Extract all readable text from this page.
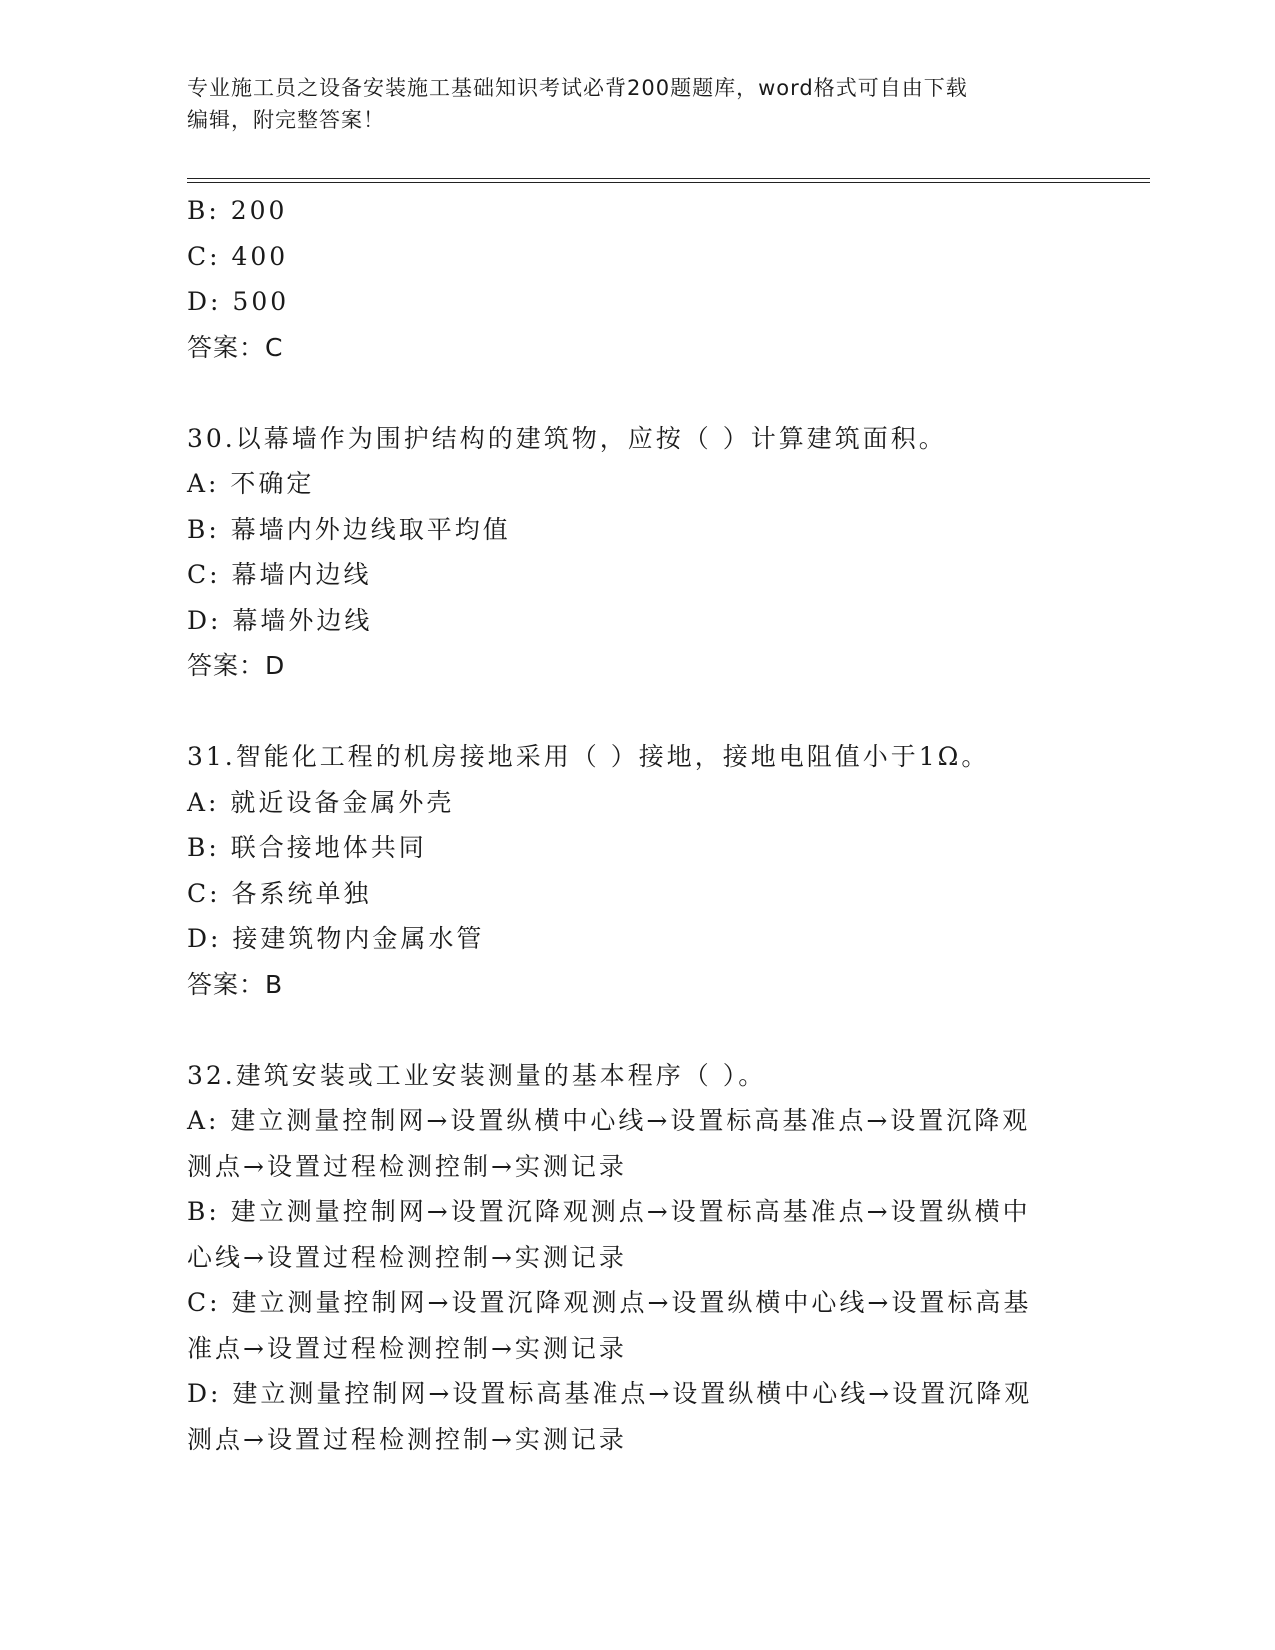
专业施工员之设备安装施工基础知识考试必背200题题库，word格式可自由下载
编辑，附完整答案！
B: 200
C: 400
D: 500
答案：C
30.以幕墙作为围护结构的建筑物，应按（ ）计算建筑面积。
A: 不确定
B: 幕墙内外边线取平均值
C: 幕墙内边线
D: 幕墙外边线
答案：D
31.智能化工程的机房接地采用（ ）接地，接地电阻值小于1Ω。
A: 就近设备金属外壳
B: 联合接地体共同
C: 各系统单独
D: 接建筑物内金属水管
答案：B
32.建筑安装或工业安装测量的基本程序（ ）。
A: 建立测量控制网→设置纵横中心线→设置标高基准点→设置沉降观
测点→设置过程检测控制→实测记录
B: 建立测量控制网→设置沉降观测点→设置标高基准点→设置纵横中
心线→设置过程检测控制→实测记录
C: 建立测量控制网→设置沉降观测点→设置纵横中心线→设置标高基
准点→设置过程检测控制→实测记录
D: 建立测量控制网→设置标高基准点→设置纵横中心线→设置沉降观
测点→设置过程检测控制→实测记录
